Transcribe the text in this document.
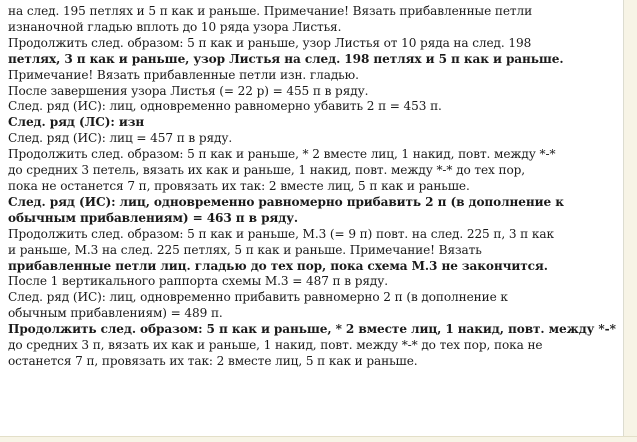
на след. 195 петлях и 5 п как и раньше. Примечание! Вязать прибавленные петли
изнаночной гладью вплоть до 10 ряда узора Листья.
Продолжить след. образом: 5 п как и раньше, узор Листья от 10 ряда на след. 198
петлях, 3 п как и раньше, узор Листья на след. 198 петлях и 5 п как и раньше.
Примечание! Вязать прибавленные петли изн. гладью.
После завершения узора Листья (= 22 р) = 455 п в ряду.
След. ряд (ИС): лиц, одновременно равномерно убавить 2 п = 453 п.
След. ряд (ЛС): изн
След. ряд (ИС): лиц = 457 п в ряду.
Продолжить след. образом: 5 п как и раньше, * 2 вместе лиц, 1 накид, повт. между *-*
до средних 3 петель, вязать их как и раньше, 1 накид, повт. между *-* до тех пор,
пока не останется 7 п, провязать их так: 2 вместе лиц, 5 п как и раньше.
След. ряд (ИС): лиц, одновременно равномерно прибавить 2 п (в дополнение к
обычным прибавлениям) = 463 п в ряду.
Продолжить след. образом: 5 п как и раньше, М.3 (= 9 п) повт. на след. 225 п, 3 п как
и раньше, М.3 на след. 225 петлях, 5 п как и раньше. Примечание! Вязать
прибавленные петли лиц. гладью до тех пор, пока схема М.3 не закончится.
После 1 вертикального раппорта схемы М.3 = 487 п в ряду.
След. ряд (ИС): лиц, одновременно прибавить равномерно 2 п (в дополнение к
обычным прибавлениям) = 489 п.
Продолжить след. образом: 5 п как и раньше, * 2 вместе лиц, 1 накид, повт. между *-*
до средних 3 п, вязать их как и раньше, 1 накид, повт. между *-* до тех пор, пока не
останется 7 п, провязать их так: 2 вместе лиц, 5 п как и раньше.
